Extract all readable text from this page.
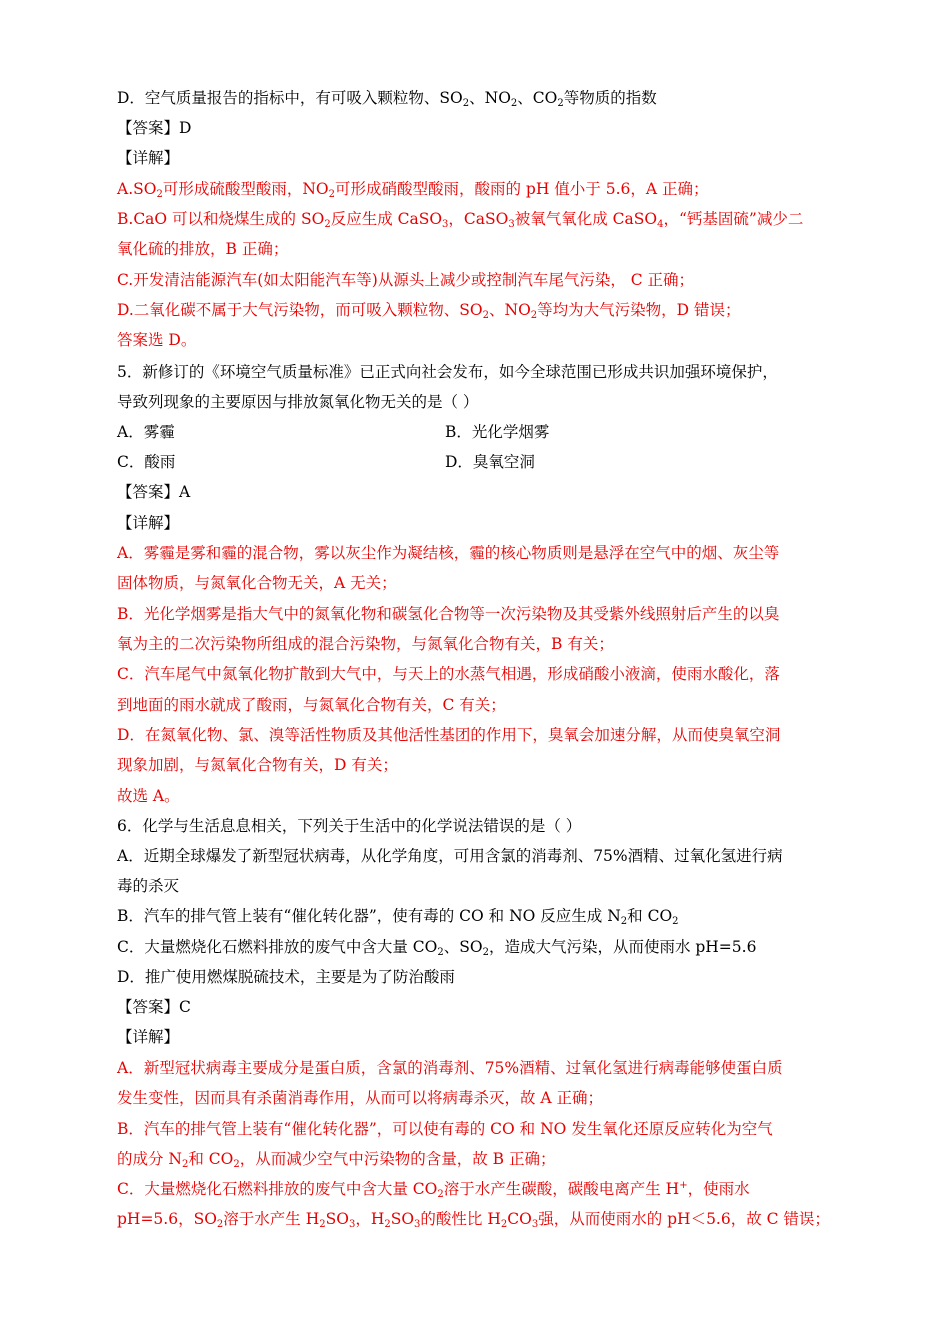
D．空气质量报告的指标中，有可吸入颗粒物、$SO_2$、$NO_2$、$CO_2$等物质的指数
【答案】D
【详解】
$A.SO_2$可形成硫酸型酸雨，$NO_2$可形成硝酸型酸雨，酸雨的 pH 值小于 5.6，A 正确；
B.CaO 可以和烧煤生成的 $SO_2$反应生成 CaSO$_3$，CaSO$_3$被氧气氧化成 CaSO$_4$，“钙基固硫”减少二
氧化硫的排放，B 正确；
C.开发清洁能源汽车(如太阳能汽车等)从源头上减少或控制汽车尾气污染， C 正确；
D.二氧化碳不属于大气污染物，而可吸入颗粒物、$SO_2$、$NO_2$等均为大气污染物，D 错误；
答案选 D。
5．新修订的《环境空气质量标准》已正式向社会发布，如今全球范围已形成共识加强环境保护，
导致列现象的主要原因与排放氮氧化物无关的是（ ）
A．雾霾	B．光化学烟雾
C．酸雨	D．臭氧空洞
【答案】A
【详解】
A．雾霾是雾和霾的混合物，雾以灰尘作为凝结核，霾的核心物质则是悬浮在空气中的烟、灰尘等
固体物质，与氮氧化合物无关，A 无关；
B．光化学烟雾是指大气中的氮氧化物和碳氢化合物等一次污染物及其受紫外线照射后产生的以臭
氧为主的二次污染物所组成的混合污染物，与氮氧化合物有关，B 有关；
C．汽车尾气中氮氧化物扩散到大气中，与天上的水蒸气相遇，形成硝酸小液滴，使雨水酸化，落
到地面的雨水就成了酸雨，与氮氧化合物有关，C 有关；
D．在氮氧化物、氯、溴等活性物质及其他活性基团的作用下，臭氧会加速分解，从而使臭氧空洞
现象加剧，与氮氧化合物有关，D 有关；
故选 A。
6．化学与生活息息相关，下列关于生活中的化学说法错误的是（ ）
A．近期全球爆发了新型冠状病毒，从化学角度，可用含氯的消毒剂、75%酒精、过氧化氢进行病
毒的杀灭
B．汽车的排气管上装有“催化转化器”，使有毒的 CO 和 NO 反应生成 $N_2$和 $CO_2$
C．大量燃烧化石燃料排放的废气中含大量 $CO_2$、$SO_2$，造成大气污染，从而使雨水 pH=5.6
D．推广使用燃煤脱硫技术，主要是为了防治酸雨
【答案】C
【详解】
A．新型冠状病毒主要成分是蛋白质，含氯的消毒剂、75%酒精、过氧化氢进行病毒能够使蛋白质
发生变性，因而具有杀菌消毒作用，从而可以将病毒杀灭，故 A 正确；
B．汽车的排气管上装有“催化转化器”，可以使有毒的 CO 和 NO 发生氧化还原反应转化为空气
的成分 $N_2$和 $CO_2$，从而减少空气中污染物的含量，故 B 正确；
C．大量燃烧化石燃料排放的废气中含大量 $CO_2$溶于水产生碳酸，碳酸电离产生 H+，使雨水
pH=5.6，$SO_2$溶于水产生 $H_2SO_3$，$H_2SO_3$的酸性比 $H_2CO_3$强，从而使雨水的 pH＜5.6，故 C 错误；
